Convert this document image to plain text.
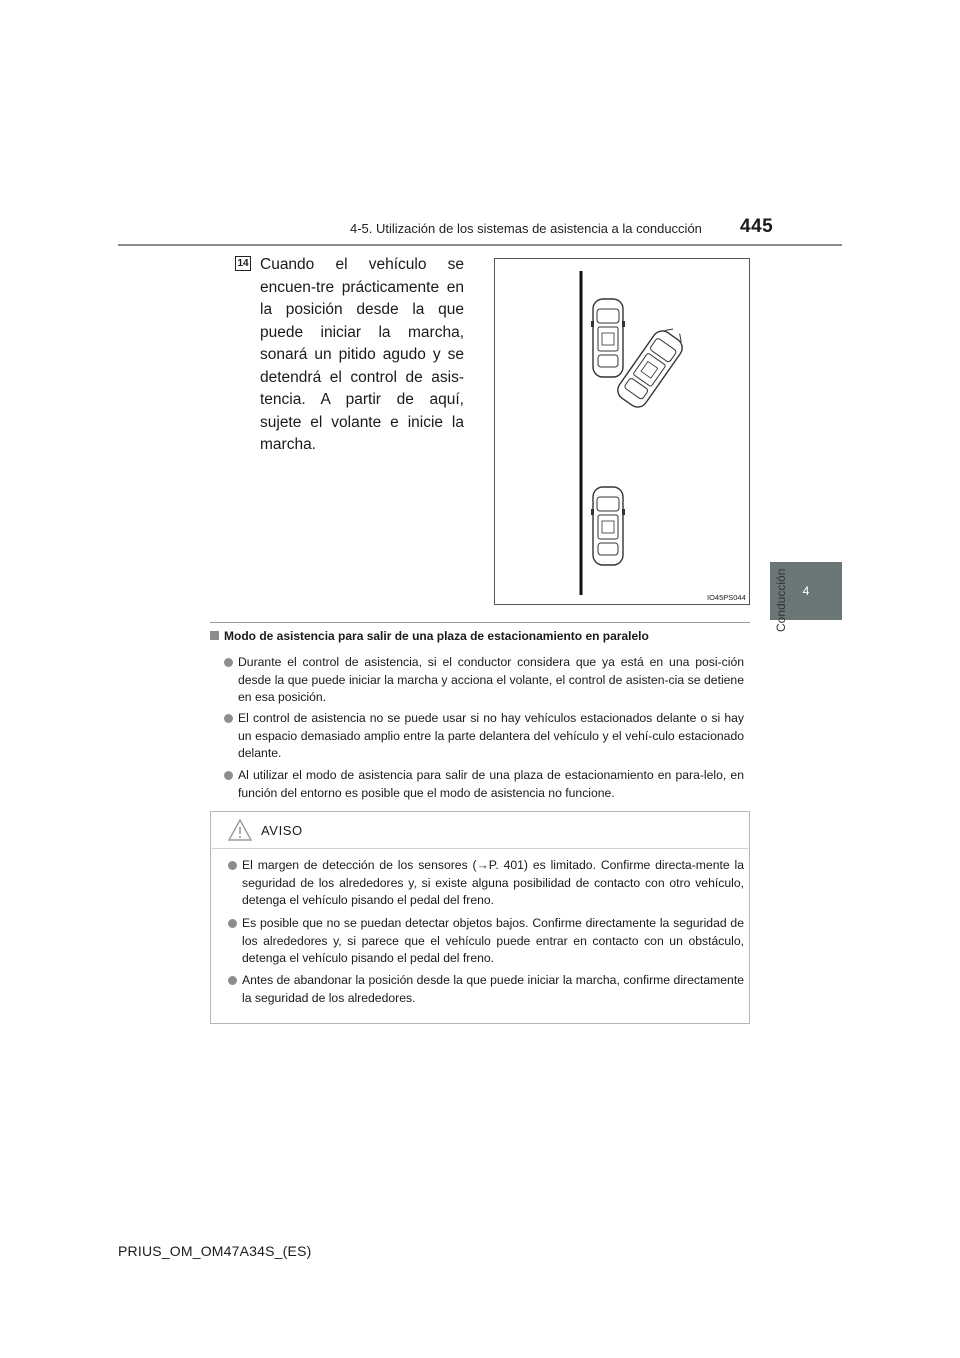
4-5. Utilización de los sistemas de asistencia a la conducción 445
4
Conducción
14 Cuando el vehículo se encuen-tre prácticamente en la posición desde la que puede iniciar la marcha, sonará un pitido agudo y se detendrá el control de asis-tencia. A partir de aquí, sujete el volante e inicie la marcha.
IO45PS044
Modo de asistencia para salir de una plaza de estacionamiento en paralelo
Durante el control de asistencia, si el conductor considera que ya está en una posi-ción desde la que puede iniciar la marcha y acciona el volante, el control de asisten-cia se detiene en esa posición.
El control de asistencia no se puede usar si no hay vehículos estacionados delante o si hay un espacio demasiado amplio entre la parte delantera del vehículo y el vehí-culo estacionado delante.
Al utilizar el modo de asistencia para salir de una plaza de estacionamiento en para-lelo, en función del entorno es posible que el modo de asistencia no funcione.
AVISO
El margen de detección de los sensores (→P. 401) es limitado. Confirme directa-mente la seguridad de los alrededores y, si existe alguna posibilidad de contacto con otro vehículo, detenga el vehículo pisando el pedal del freno.
Es posible que no se puedan detectar objetos bajos. Confirme directamente la seguridad de los alrededores y, si parece que el vehículo puede entrar en contacto con un obstáculo, detenga el vehículo pisando el pedal del freno.
Antes de abandonar la posición desde la que puede iniciar la marcha, confirme directamente la seguridad de los alrededores.
PRIUS_OM_OM47A34S_(ES)
